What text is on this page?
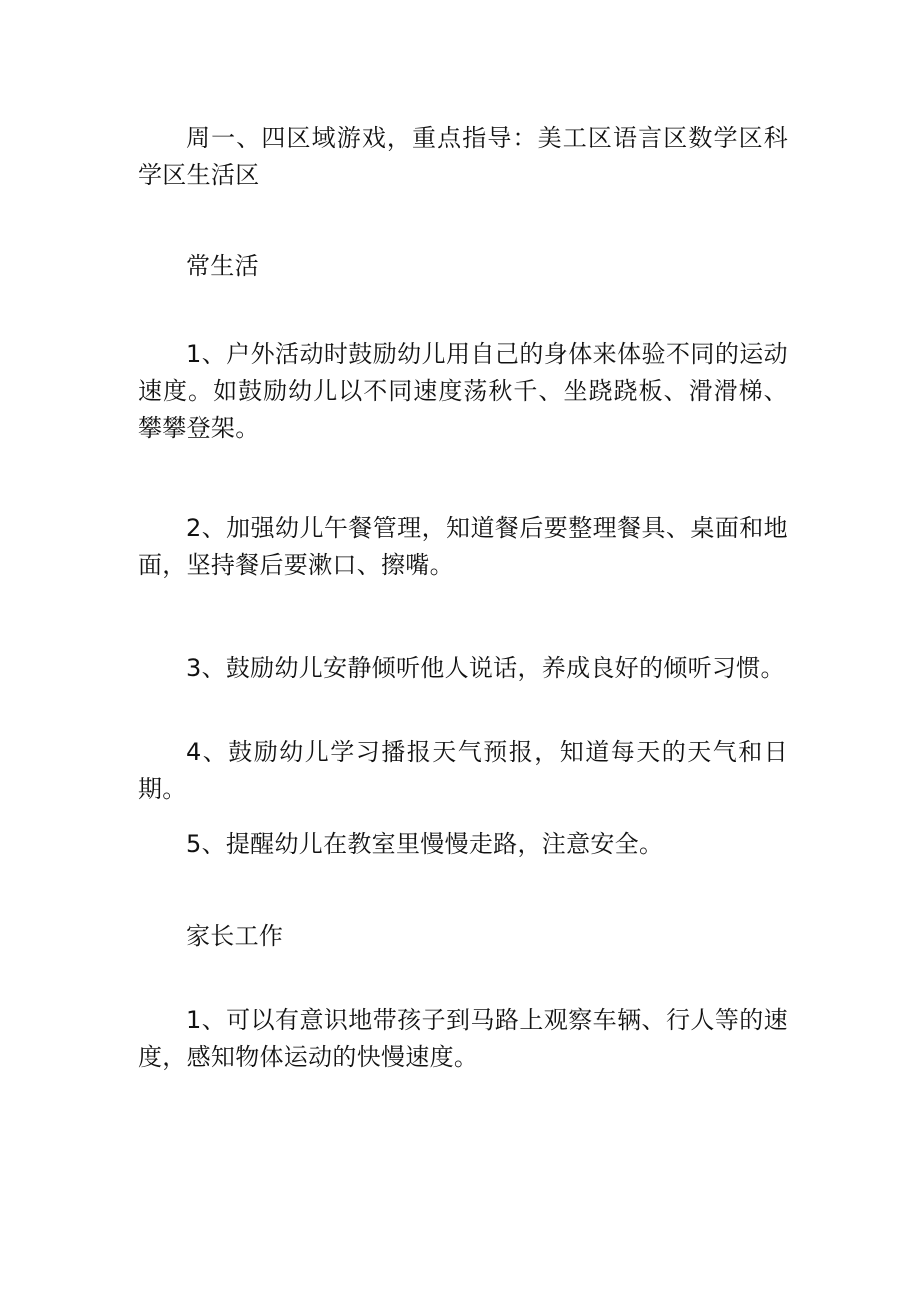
周一、四区域游戏，重点指导：美工区语言区数学区科学区生活区

常生活

1、户外活动时鼓励幼儿用自己的身体来体验不同的运动速度。如鼓励幼儿以不同速度荡秋千、坐跷跷板、滑滑梯、攀攀登架。

2、加强幼儿午餐管理，知道餐后要整理餐具、桌面和地面，坚持餐后要漱口、擦嘴。

3、鼓励幼儿安静倾听他人说话，养成良好的倾听习惯。

4、鼓励幼儿学习播报天气预报，知道每天的天气和日期。

5、提醒幼儿在教室里慢慢走路，注意安全。

家长工作

1、可以有意识地带孩子到马路上观察车辆、行人等的速度，感知物体运动的快慢速度。
